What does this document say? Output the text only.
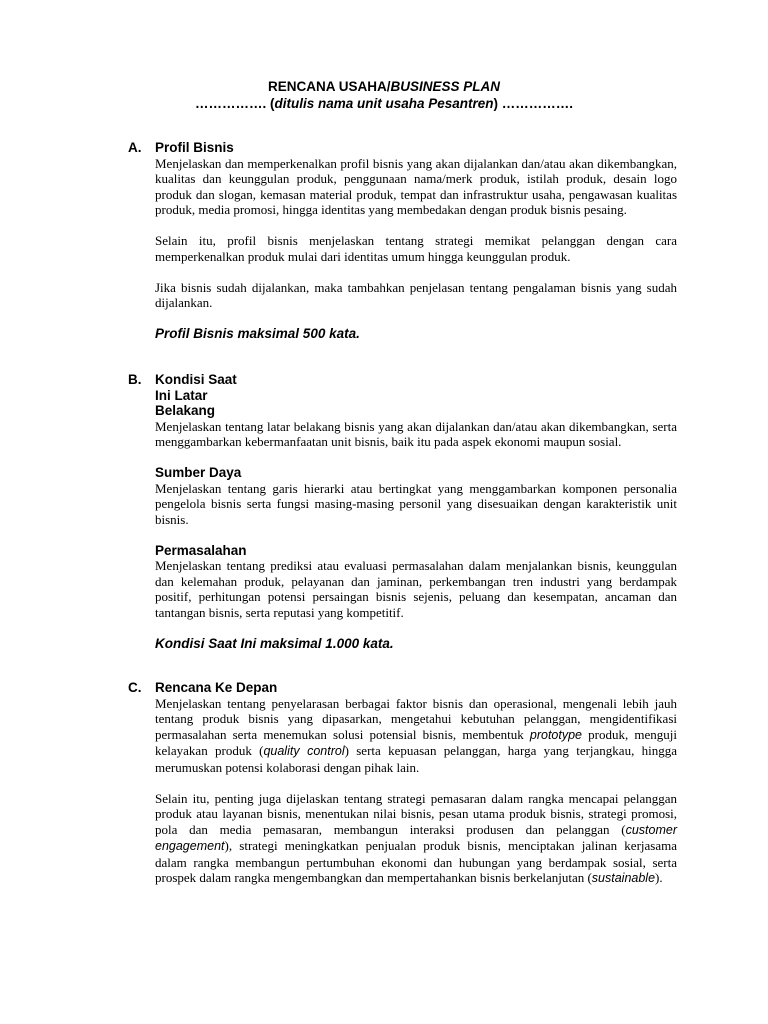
RENCANA USAHA/BUSINESS PLAN
……………. (ditulis nama unit usaha Pesantren) …………….
A. Profil Bisnis

Menjelaskan dan memperkenalkan profil bisnis yang akan dijalankan dan/atau akan dikembangkan, kualitas dan keunggulan produk, penggunaan nama/merk produk, istilah produk, desain logo produk dan slogan, kemasan material produk, tempat dan infrastruktur usaha, pengawasan kualitas produk, media promosi, hingga identitas yang membedakan dengan produk bisnis pesaing.

Selain itu, profil bisnis menjelaskan tentang strategi memikat pelanggan dengan cara memperkenalkan produk mulai dari identitas umum hingga keunggulan produk.

Jika bisnis sudah dijalankan, maka tambahkan penjelasan tentang pengalaman bisnis yang sudah dijalankan.

Profil Bisnis maksimal 500 kata.

B. Kondisi Saat

Ini Latar

Belakang

Menjelaskan tentang latar belakang bisnis yang akan dijalankan dan/atau akan dikembangkan, serta menggambarkan kebermanfaatan unit bisnis, baik itu pada aspek ekonomi maupun sosial.

Sumber Daya

Menjelaskan tentang garis hierarki atau bertingkat yang menggambarkan komponen personalia pengelola bisnis serta fungsi masing-masing personil yang disesuaikan dengan karakteristik unit bisnis.

Permasalahan

Menjelaskan tentang prediksi atau evaluasi permasalahan dalam menjalankan bisnis, keunggulan dan kelemahan produk, pelayanan dan jaminan, perkembangan tren industri yang berdampak positif, perhitungan potensi persaingan bisnis sejenis, peluang dan kesempatan, ancaman dan tantangan bisnis, serta reputasi yang kompetitif.

Kondisi Saat Ini maksimal 1.000 kata.

C. Rencana Ke Depan

Menjelaskan tentang penyelarasan berbagai faktor bisnis dan operasional, mengenali lebih jauh tentang produk bisnis yang dipasarkan, mengetahui kebutuhan pelanggan, mengidentifikasi permasalahan serta menemukan solusi potensial bisnis, membentuk prototype produk, menguji kelayakan produk (quality control) serta kepuasan pelanggan, harga yang terjangkau, hingga merumuskan potensi kolaborasi dengan pihak lain.

Selain itu, penting juga dijelaskan tentang strategi pemasaran dalam rangka mencapai pelanggan produk atau layanan bisnis, menentukan nilai bisnis, pesan utama produk bisnis, strategi promosi, pola dan media pemasaran, membangun interaksi produsen dan pelanggan (customer engagement), strategi meningkatkan penjualan produk bisnis, menciptakan jalinan kerjasama dalam rangka membangun pertumbuhan ekonomi dan hubungan yang berdampak sosial, serta prospek dalam rangka mengembangkan dan mempertahankan bisnis berkelanjutan (sustainable).
